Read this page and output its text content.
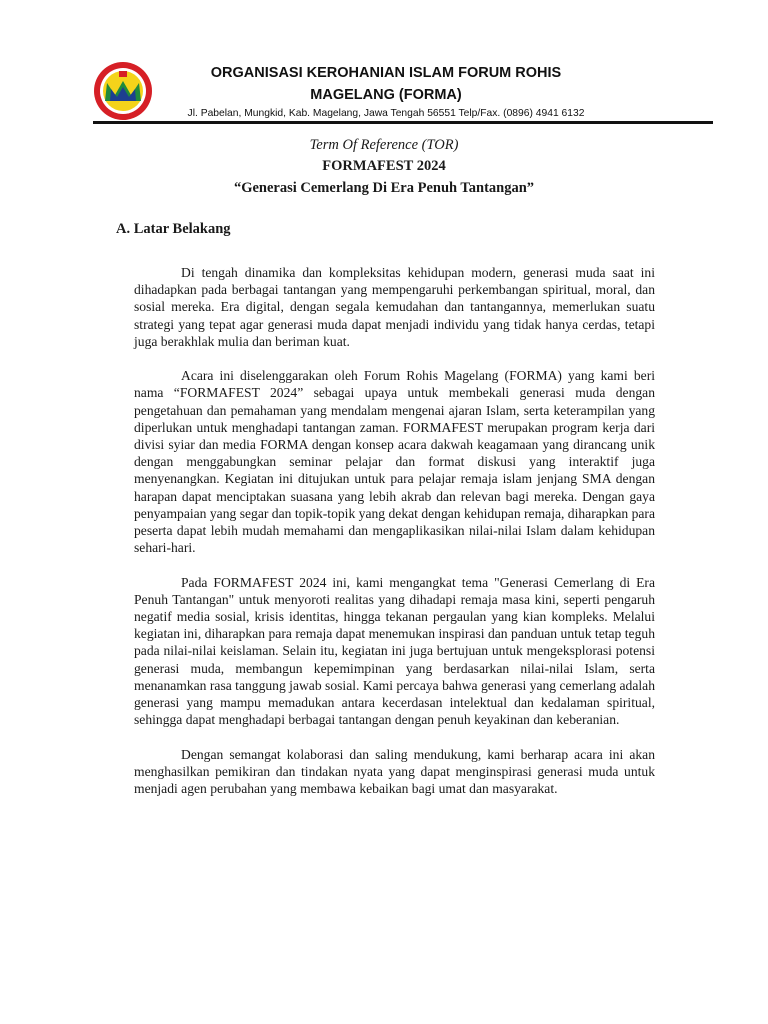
ORGANISASI KEROHANIAN ISLAM FORUM ROHIS
MAGELANG (FORMA)
Jl. Pabelan, Mungkid, Kab. Magelang, Jawa Tengah 56551 Telp/Fax. (0896) 4941 6132
Term Of Reference (TOR)
FORMAFEST 2024
“Generasi Cemerlang Di Era Penuh Tantangan”
A. Latar Belakang

Di tengah dinamika dan kompleksitas kehidupan modern, generasi muda saat ini dihadapkan pada berbagai tantangan yang mempengaruhi perkembangan spiritual, moral, dan sosial mereka. Era digital, dengan segala kemudahan dan tantangannya, memerlukan suatu strategi yang tepat agar generasi muda dapat menjadi individu yang tidak hanya cerdas, tetapi juga berakhlak mulia dan beriman kuat.

Acara ini diselenggarakan oleh Forum Rohis Magelang (FORMA) yang kami beri nama “FORMAFEST 2024” sebagai upaya untuk membekali generasi muda dengan pengetahuan dan pemahaman yang mendalam mengenai ajaran Islam, serta keterampilan yang diperlukan untuk menghadapi tantangan zaman. FORMAFEST merupakan program kerja dari divisi syiar dan media FORMA dengan konsep acara dakwah keagamaan yang dirancang unik dengan menggabungkan seminar pelajar dan format diskusi yang interaktif juga menyenangkan. Kegiatan ini ditujukan untuk para pelajar remaja islam jenjang SMA dengan harapan dapat menciptakan suasana yang lebih akrab dan relevan bagi mereka. Dengan gaya penyampaian yang segar dan topik-topik yang dekat dengan kehidupan remaja, diharapkan para peserta dapat lebih mudah memahami dan mengaplikasikan nilai-nilai Islam dalam kehidupan sehari-hari.

Pada FORMAFEST 2024 ini, kami mengangkat tema "Generasi Cemerlang di Era Penuh Tantangan" untuk menyoroti realitas yang dihadapi remaja masa kini, seperti pengaruh negatif media sosial, krisis identitas, hingga tekanan pergaulan yang kian kompleks. Melalui kegiatan ini, diharapkan para remaja dapat menemukan inspirasi dan panduan untuk tetap teguh pada nilai-nilai keislaman. Selain itu, kegiatan ini juga bertujuan untuk mengeksplorasi potensi generasi muda, membangun kepemimpinan yang berdasarkan nilai-nilai Islam, serta menanamkan rasa tanggung jawab sosial. Kami percaya bahwa generasi yang cemerlang adalah generasi yang mampu memadukan antara kecerdasan intelektual dan kedalaman spiritual, sehingga dapat menghadapi berbagai tantangan dengan penuh keyakinan dan keberanian.

Dengan semangat kolaborasi dan saling mendukung, kami berharap acara ini akan menghasilkan pemikiran dan tindakan nyata yang dapat menginspirasi generasi muda untuk menjadi agen perubahan yang membawa kebaikan bagi umat dan masyarakat.
